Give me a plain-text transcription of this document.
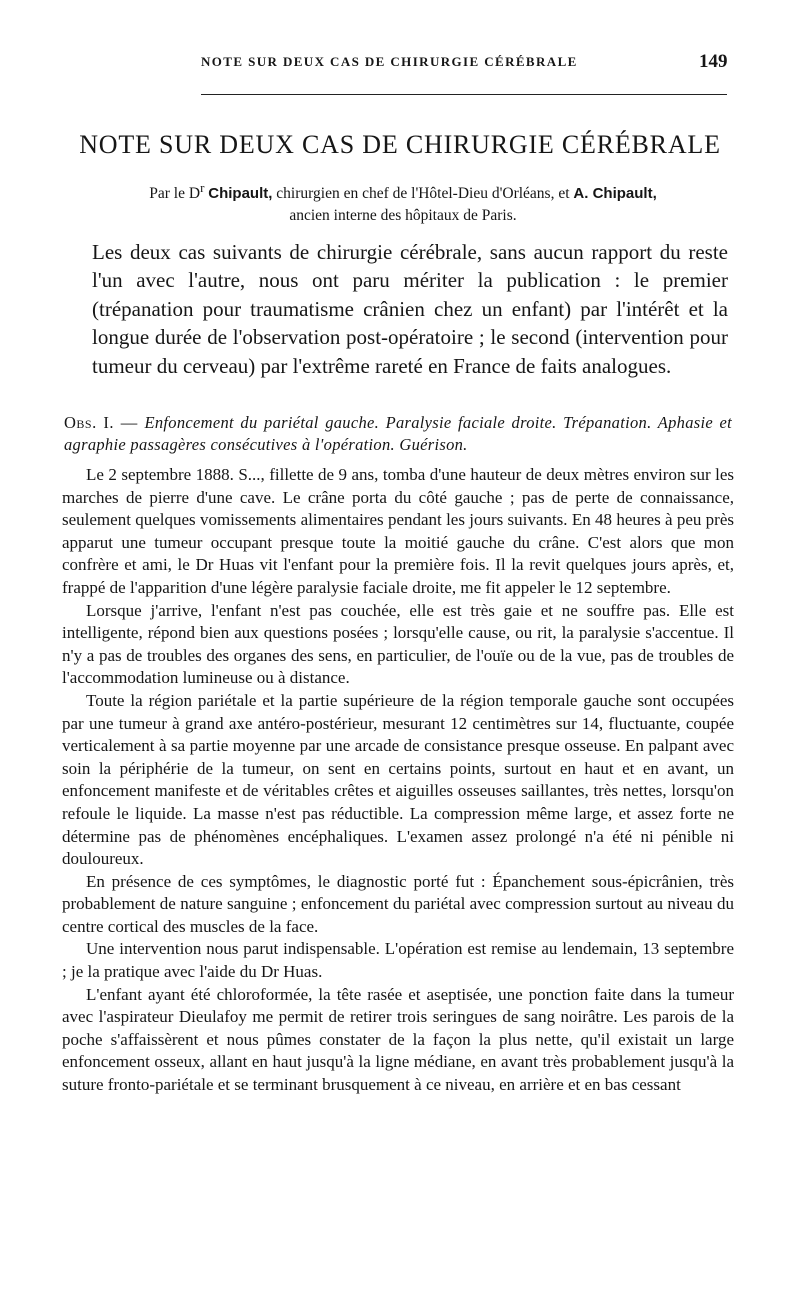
NOTE SUR DEUX CAS DE CHIRURGIE CÉRÉBRALE	149
NOTE SUR DEUX CAS DE CHIRURGIE CÉRÉBRALE
Par le $D^r$ Chipault, chirurgien en chef de l'Hôtel-Dieu d'Orléans, et A. Chipault,
ancien interne des hôpitaux de Paris.
Les deux cas suivants de chirurgie cérébrale, sans aucun rapport du reste l'un avec l'autre, nous ont paru mériter la publication : le premier (trépanation pour traumatisme crânien chez un enfant) par l'intérêt et la longue durée de l'observation post-opératoire ; le second (intervention pour tumeur du cerveau) par l'extrême rareté en France de faits analogues.
Obs. I. — Enfoncement du pariétal gauche. Paralysie faciale droite. Trépanation. Aphasie et agraphie passagères consécutives à l'opération. Guérison.

Le 2 septembre 1888. S..., fillette de 9 ans, tomba d'une hauteur de deux mètres environ sur les marches de pierre d'une cave. Le crâne porta du côté gauche ; pas de perte de connaissance, seulement quelques vomissements alimentaires pendant les jours suivants. En 48 heures à peu près apparut une tumeur occupant presque toute la moitié gauche du crâne. C'est alors que mon confrère et ami, le Dr Huas vit l'enfant pour la première fois. Il la revit quelques jours après, et, frappé de l'apparition d'une légère paralysie faciale droite, me fit appeler le 12 septembre.

Lorsque j'arrive, l'enfant n'est pas couchée, elle est très gaie et ne souffre pas. Elle est intelligente, répond bien aux questions posées ; lorsqu'elle cause, ou rit, la paralysie s'accentue. Il n'y a pas de troubles des organes des sens, en particulier, de l'ouïe ou de la vue, pas de troubles de l'accommodation lumineuse ou à distance.

Toute la région pariétale et la partie supérieure de la région temporale gauche sont occupées par une tumeur à grand axe antéro-postérieur, mesurant 12 centimètres sur 14, fluctuante, coupée verticalement à sa partie moyenne par une arcade de consistance presque osseuse. En palpant avec soin la périphérie de la tumeur, on sent en certains points, surtout en haut et en avant, un enfoncement manifeste et de véritables crêtes et aiguilles osseuses saillantes, très nettes, lorsqu'on refoule le liquide. La masse n'est pas réductible. La compression même large, et assez forte ne détermine pas de phénomènes encéphaliques. L'examen assez prolongé n'a été ni pénible ni douloureux.

En présence de ces symptômes, le diagnostic porté fut : Épanchement sous-épicrânien, très probablement de nature sanguine ; enfoncement du pariétal avec compression surtout au niveau du centre cortical des muscles de la face.

Une intervention nous parut indispensable. L'opération est remise au lendemain, 13 septembre ; je la pratique avec l'aide du Dr Huas.

L'enfant ayant été chloroformée, la tête rasée et aseptisée, une ponction faite dans la tumeur avec l'aspirateur Dieulafoy me permit de retirer trois seringues de sang noirâtre. Les parois de la poche s'affaissèrent et nous pûmes constater de la façon la plus nette, qu'il existait un large enfoncement osseux, allant en haut jusqu'à la ligne médiane, en avant très probablement jusqu'à la suture fronto-pariétale et se terminant brusquement à ce niveau, en arrière et en bas cessant
